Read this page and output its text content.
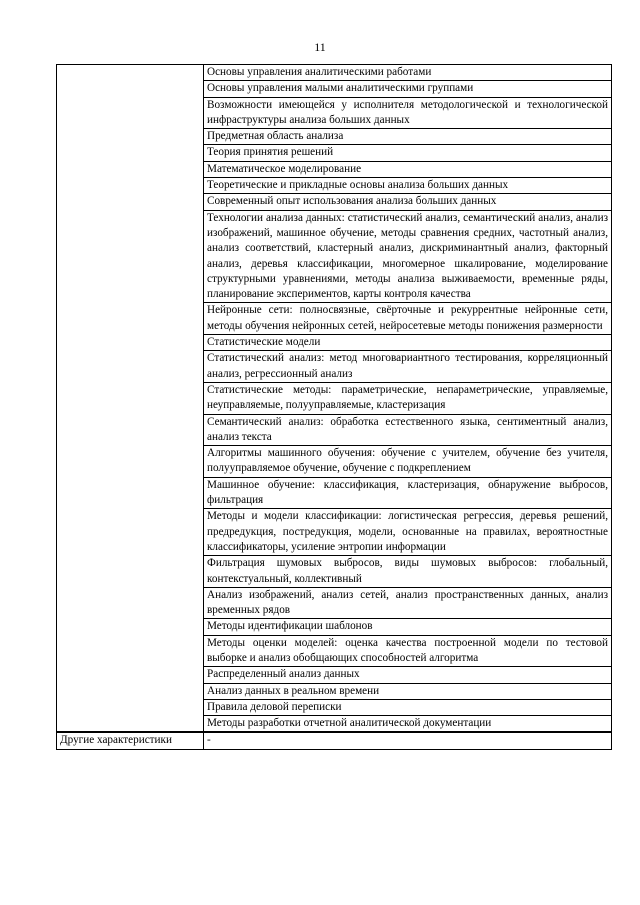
11
	Основы управления аналитическими работами
	Основы управления малыми аналитическими группами
	Возможности имеющейся у исполнителя методологической и технологической инфраструктуры анализа больших данных
	Предметная область анализа
	Теория принятия решений
	Математическое моделирование
	Теоретические и прикладные основы анализа больших данных
	Современный опыт использования анализа больших данных
	Технологии анализа данных: статистический анализ, семантический анализ, анализ изображений, машинное обучение, методы сравнения средних, частотный анализ, анализ соответствий, кластерный анализ, дискриминантный анализ, факторный анализ, деревья классификации, многомерное шкалирование, моделирование структурными уравнениями, методы анализа выживаемости, временные ряды, планирование экспериментов, карты контроля качества
	Нейронные сети: полносвязные, свёрточные и рекуррентные нейронные сети, методы обучения нейронных сетей, нейросетевые методы понижения размерности
	Статистические модели
	Статистический анализ: метод многовариантного тестирования, корреляционный анализ, регрессионный анализ
	Статистические методы: параметрические, непараметрические, управляемые, неуправляемые, полууправляемые, кластеризация
	Семантический анализ: обработка естественного языка, сентиментный анализ, анализ текста
	Алгоритмы машинного обучения: обучение с учителем, обучение без учителя, полууправляемое обучение, обучение с подкреплением
	Машинное обучение: классификация, кластеризация, обнаружение выбросов, фильтрация
	Методы и модели классификации: логистическая регрессия, деревья решений, предредукция, постредукция, модели, основанные на правилах, вероятностные классификаторы, усиление энтропии информации
	Фильтрация шумовых выбросов, виды шумовых выбросов: глобальный, контекстуальный, коллективный
	Анализ изображений, анализ сетей, анализ пространственных данных, анализ временных рядов
	Методы идентификации шаблонов
	Методы оценки моделей: оценка качества построенной модели по тестовой выборке и анализ обобщающих способностей алгоритма
	Распределенный анализ данных
	Анализ данных в реальном времени
	Правила деловой переписки
	Методы разработки отчетной аналитической документации

Другие характеристики	-
